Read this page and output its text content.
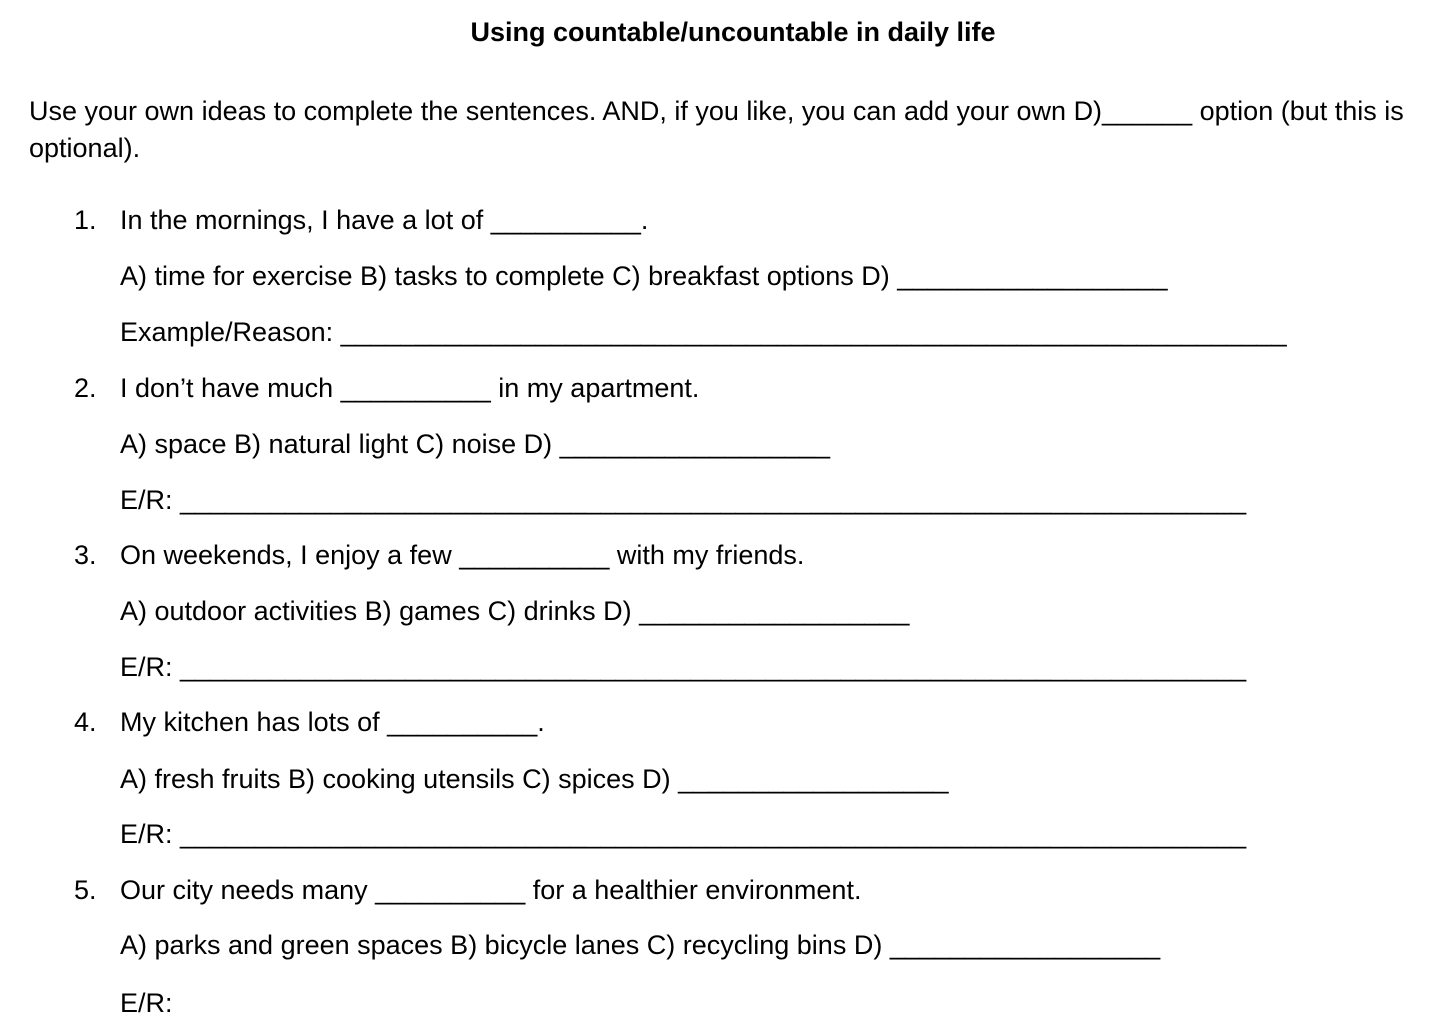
Using countable/uncountable in daily life
Use your own ideas to complete the sentences. AND, if you like, you can add your own D)______ option (but this is optional).
1. In the mornings, I have a lot of __________.
A) time for exercise B) tasks to complete C) breakfast options D) __________________
Example/Reason: _______________________________________________________________
2. I don’t have much __________ in my apartment.
A) space B) natural light C) noise D) __________________
E/R: _______________________________________________________________________
3. On weekends, I enjoy a few __________ with my friends.
A) outdoor activities B) games C) drinks D) __________________
E/R: _______________________________________________________________________
4. My kitchen has lots of __________.
A) fresh fruits B) cooking utensils C) spices D) __________________
E/R: _______________________________________________________________________
5. Our city needs many __________ for a healthier environment.
A) parks and green spaces B) bicycle lanes C) recycling bins D) __________________
E/R:
